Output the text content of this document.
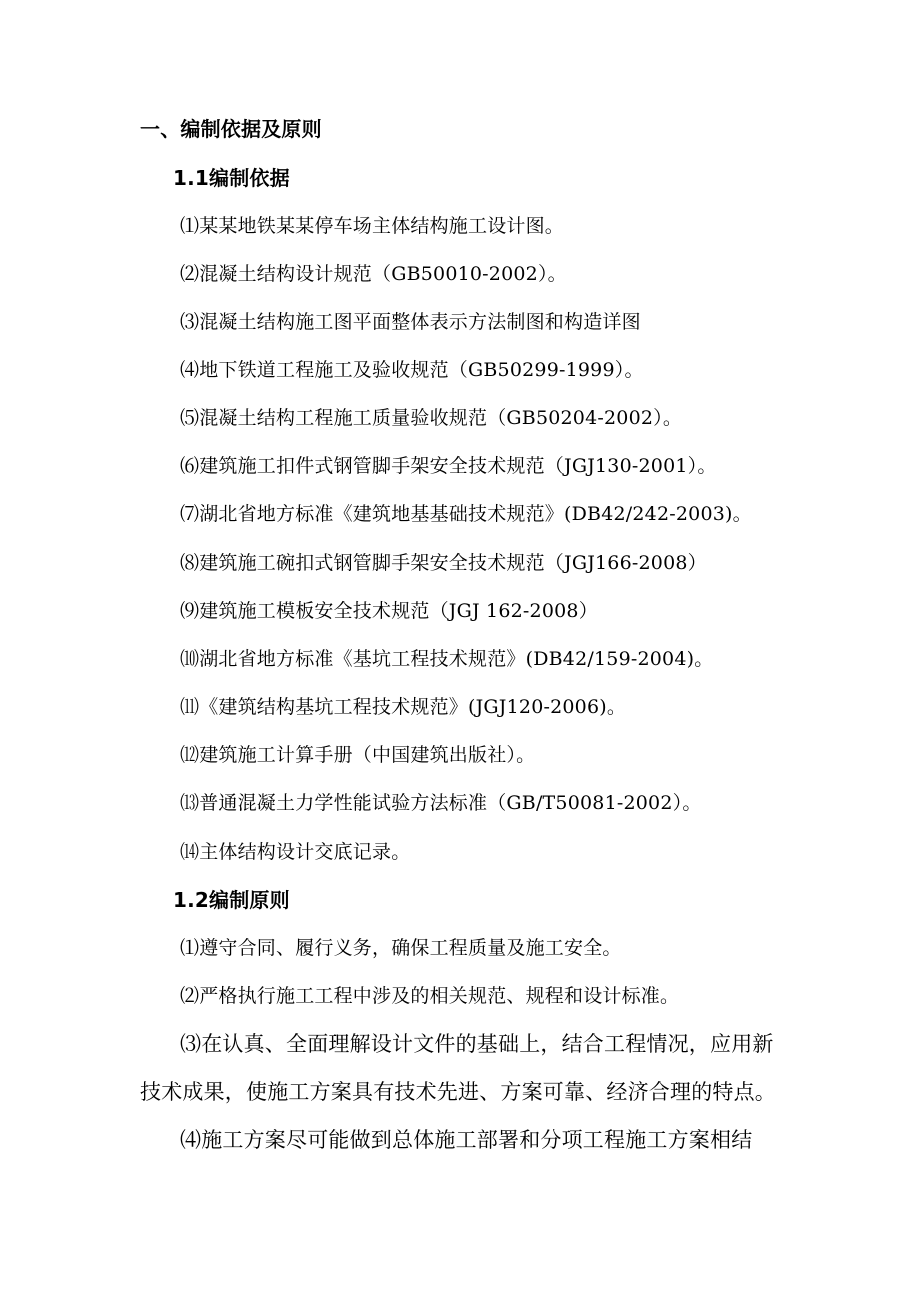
一、编制依据及原则
1.1编制依据
⑴某某地铁某某停车场主体结构施工设计图。
⑵混凝土结构设计规范（GB50010-2002）。
⑶混凝土结构施工图平面整体表示方法制图和构造详图
⑷地下铁道工程施工及验收规范（GB50299-1999）。
⑸混凝土结构工程施工质量验收规范（GB50204-2002）。
⑹建筑施工扣件式钢管脚手架安全技术规范（JGJ130-2001）。
⑺湖北省地方标准《建筑地基基础技术规范》(DB42/242-2003)。
⑻建筑施工碗扣式钢管脚手架安全技术规范（JGJ166-2008）
⑼建筑施工模板安全技术规范（JGJ 162-2008）
⑽湖北省地方标准《基坑工程技术规范》(DB42/159-2004)。
⑾《建筑结构基坑工程技术规范》(JGJ120-2006)。
⑿建筑施工计算手册（中国建筑出版社）。
⒀普通混凝土力学性能试验方法标准（GB/T50081-2002）。
⒁主体结构设计交底记录。
1.2编制原则
⑴遵守合同、履行义务，确保工程质量及施工安全。
⑵严格执行施工工程中涉及的相关规范、规程和设计标准。
⑶在认真、全面理解设计文件的基础上，结合工程情况，应用新
技术成果，使施工方案具有技术先进、方案可靠、经济合理的特点。
⑷施工方案尽可能做到总体施工部署和分项工程施工方案相结
